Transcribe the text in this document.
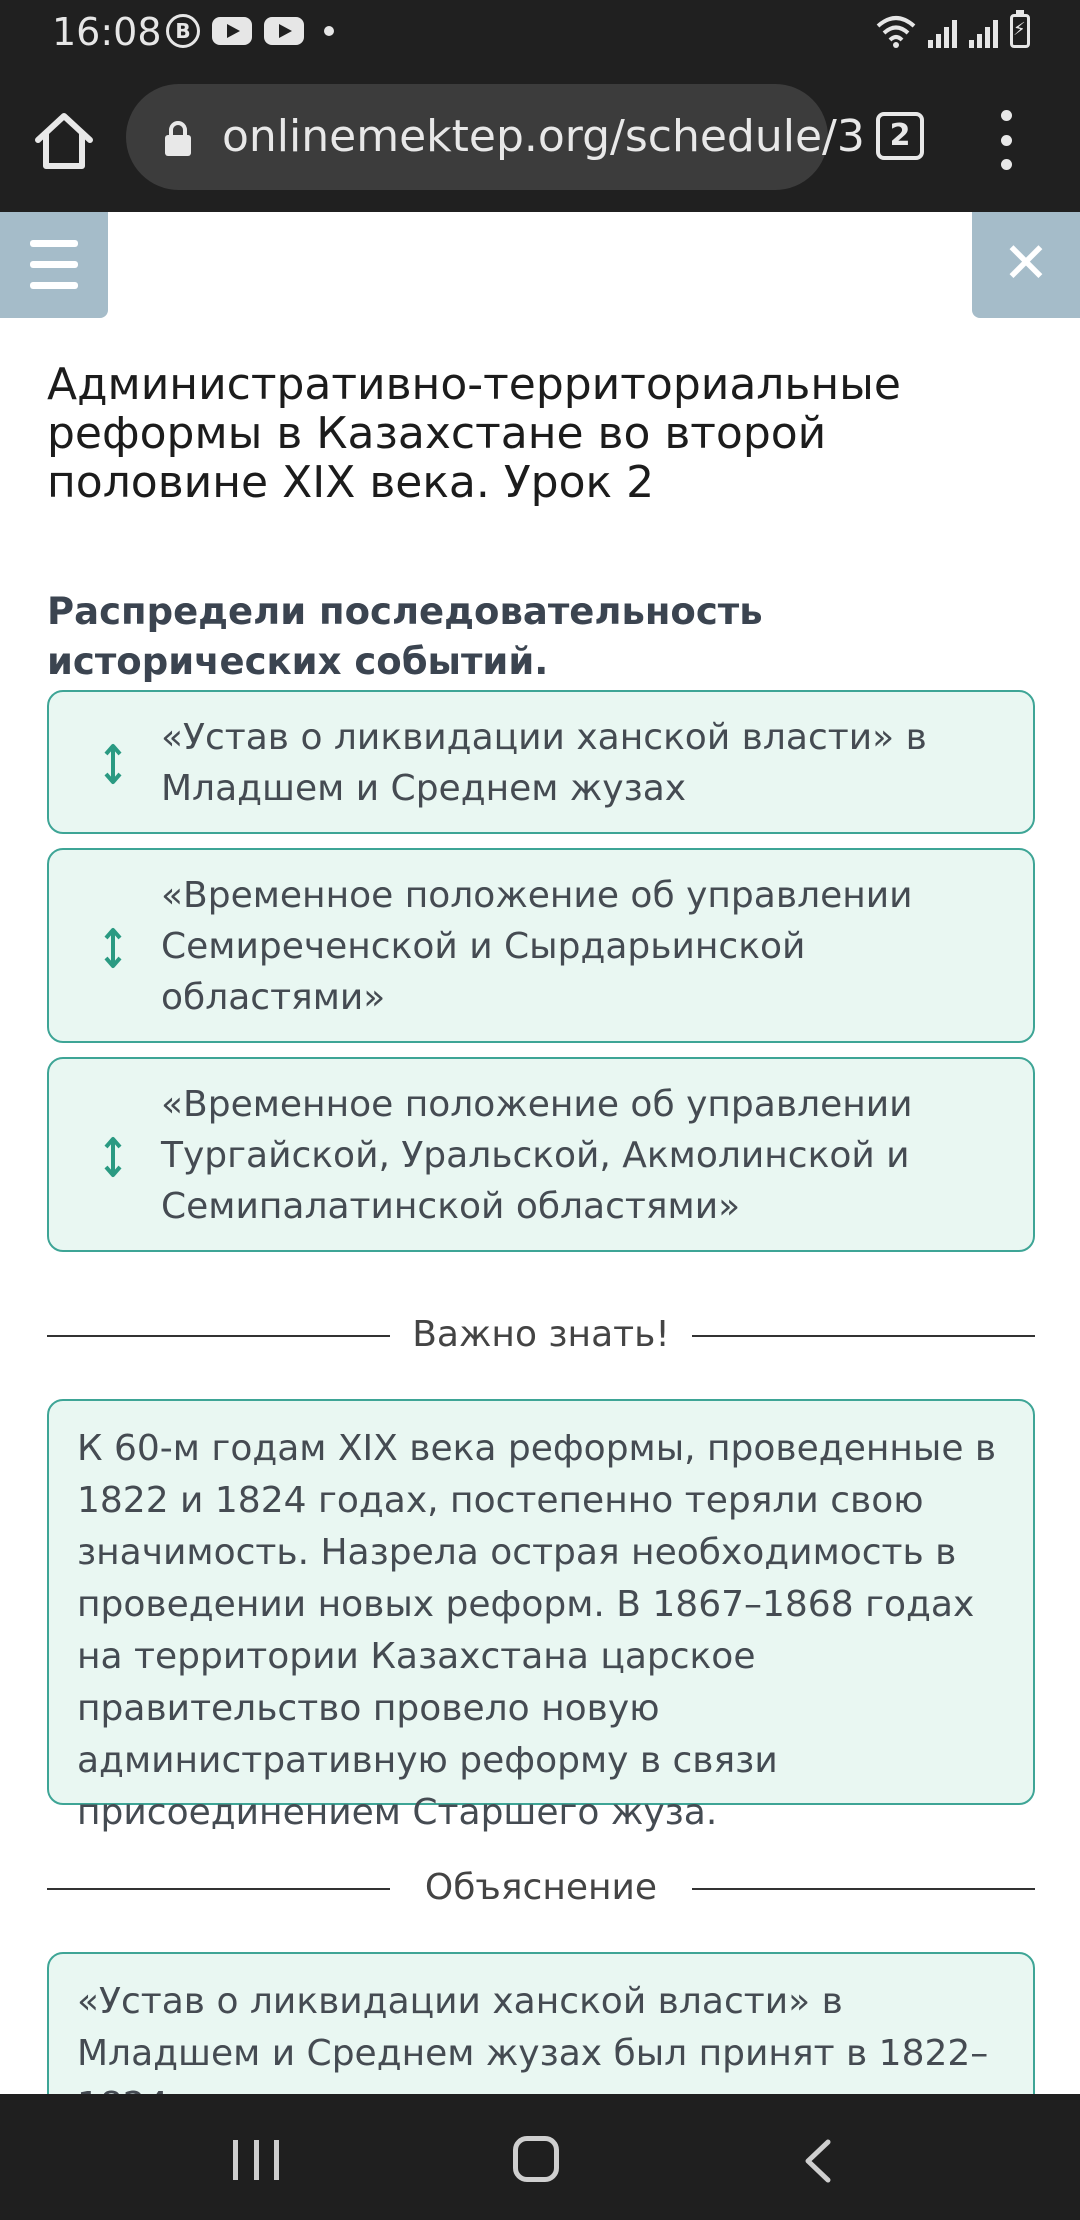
16:08 B
⚡
onlinemektep.org/schedule/3 2
✕
Административно-территориальные реформы в Казахстане во второй половине XIX века. Урок 2
Распредели последовательность исторических событий.
«Устав о ликвидации ханской власти» в Младшем и Среднем жузах
«Временное положение об управлении Семиреченской и Сырдарьинской областями»
«Временное положение об управлении Тургайской, Уральской, Акмолинской и Семипалатинской областями»
Важно знать!
К 60-м годам XIX века реформы, проведенные в 1822 и 1824 годах, постепенно теряли свою значимость. Назрела острая необходимость в проведении новых реформ. В 1867–1868 годах на территории Казахстана царское правительство провело новую административную реформу в связи присоединением Старшего жуза.
Объяснение
«Устав о ликвидации ханской власти» в Младшем и Среднем жузах был принят в 1822–
